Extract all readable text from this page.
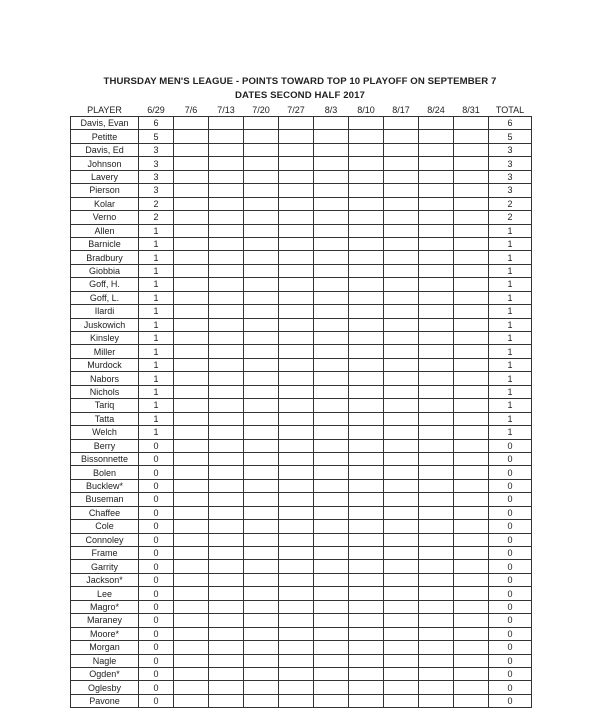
THURSDAY MEN'S LEAGUE - POINTS TOWARD TOP 10 PLAYOFF ON SEPTEMBER 7
DATES SECOND HALF 2017
PLAYER	6/29	7/6	7/13	7/20	7/27	8/3	8/10	8/17	8/24	8/31	TOTAL
Davis, Evan	6										6
Petitte	5										5
Davis, Ed	3										3
Johnson	3										3
Lavery	3										3
Pierson	3										3
Kolar	2										2
Verno	2										2
Allen	1										1
Barnicle	1										1
Bradbury	1										1
Giobbia	1										1
Goff, H.	1										1
Goff, L.	1										1
Ilardi	1										1
Juskowich	1										1
Kinsley	1										1
Miller	1										1
Murdock	1										1
Nabors	1										1
Nichols	1										1
Tariq	1										1
Tatta	1										1
Welch	1										1
Berry	0										0
Bissonnette	0										0
Bolen	0										0
Bucklew*	0										0
Buseman	0										0
Chaffee	0										0
Cole	0										0
Connoley	0										0
Frame	0										0
Garrity	0										0
Jackson*	0										0
Lee	0										0
Magro*	0										0
Maraney	0										0
Moore*	0										0
Morgan	0										0
Nagle	0										0
Ogden*	0										0
Oglesby	0										0
Pavone	0										0
